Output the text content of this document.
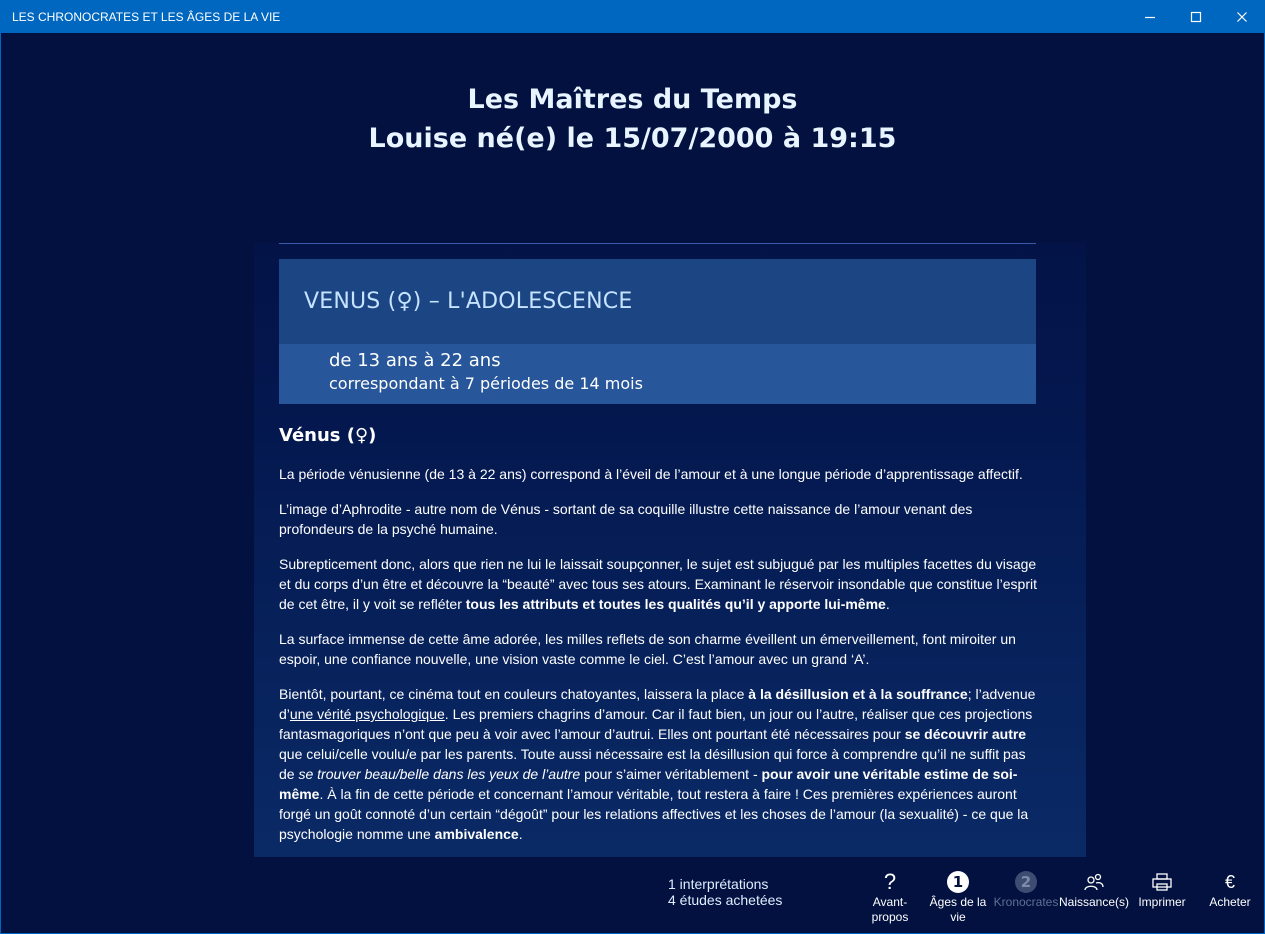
LES CHRONOCRATES ET LES ÂGES DE LA VIE
Les Maîtres du Temps
Louise né(e) le 15/07/2000 à 19:15
VENUS (♀) – L'ADOLESCENCE
de 13 ans à 22 ans
correspondant à 7 périodes de 14 mois
Vénus (♀)

La période vénusienne (de 13 à 22 ans) correspond à l’éveil de l’amour et à une longue période d’apprentissage affectif.

L’image d’Aphrodite - autre nom de Vénus - sortant de sa coquille illustre cette naissance de l’amour venant des profondeurs de la psyché humaine.

Subrepticement donc, alors que rien ne lui le laissait soupçonner, le sujet est subjugué par les multiples facettes du visage et du corps d’un être et découvre la “beauté” avec tous ses atours. Examinant le réservoir insondable que constitue l’esprit de cet être, il y voit se refléter tous les attributs et toutes les qualités qu’il y apporte lui-même.

La surface immense de cette âme adorée, les milles reflets de son charme éveillent un émerveillement, font miroiter un espoir, une confiance nouvelle, une vision vaste comme le ciel. C’est l’amour avec un grand ‘A’.

Bientôt, pourtant, ce cinéma tout en couleurs chatoyantes, laissera la place à la désillusion et à la souffrance; l’advenue d’une vérité psychologique. Les premiers chagrins d’amour. Car il faut bien, un jour ou l’autre, réaliser que ces projections fantasmagoriques n’ont que peu à voir avec l’amour d’autrui. Elles ont pourtant été nécessaires pour se découvrir autre que celui/celle voulu/e par les parents. Toute aussi nécessaire est la désillusion qui force à comprendre qu’il ne suffit pas de se trouver beau/belle dans les yeux de l’autre pour s’aimer véritablement - pour avoir une véritable estime de soi-même. À la fin de cette période et concernant l’amour véritable, tout restera à faire ! Ces premières expériences auront forgé un goût connoté d’un certain “dégoût” pour les relations affectives et les choses de l’amour (la sexualité) - ce que la psychologie nomme une ambivalence.

1 interprétations
4 études achetées
?
Avant-propos
1
Âges de la vie
2
Kronocrates Naissance(s) Imprimer
€
Acheter
